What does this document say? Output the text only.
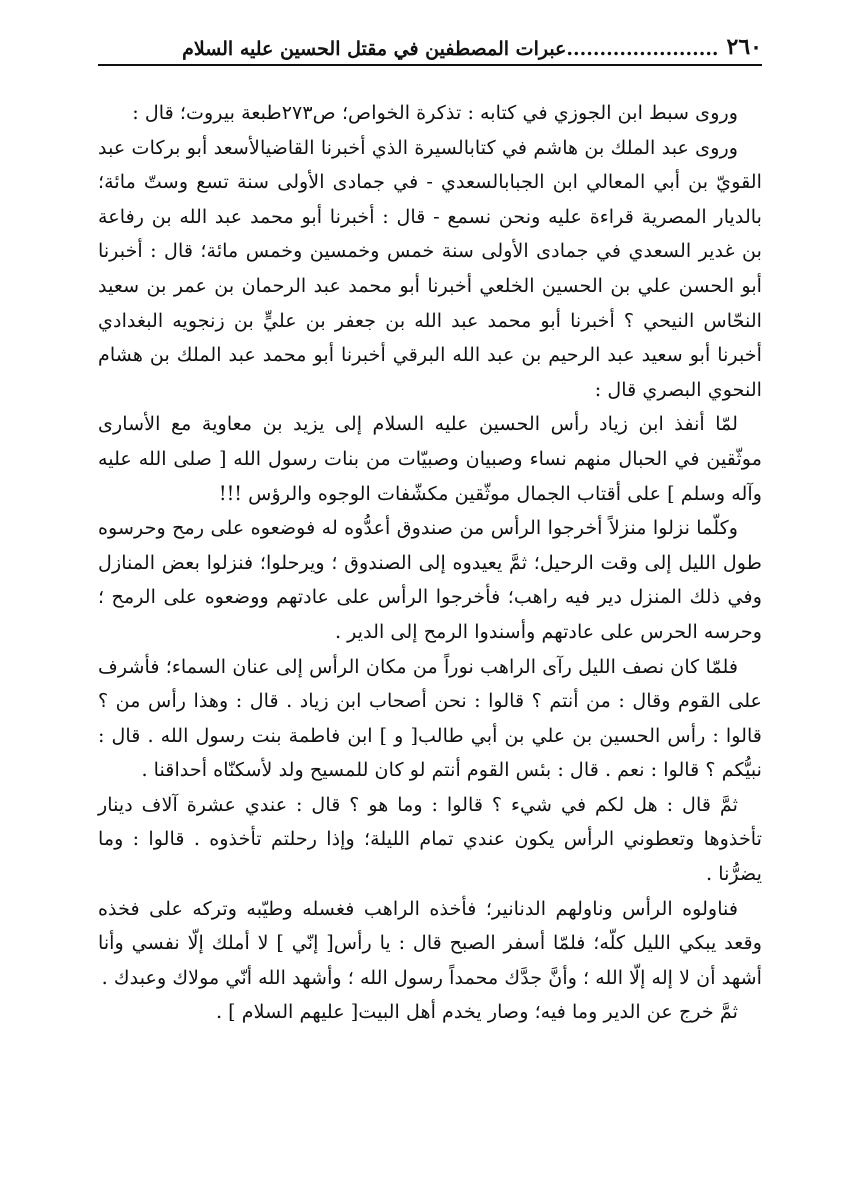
٢٦٠
.......................
عبرات المصطفين في مقتل الحسين عليه السلام

وروى سبط ابن الجوزي في كتابه : تذكرة الخواص؛ ص٢٧٣طبعة بيروت؛ قال :

وروى عبد الملك بن هاشم في كتابالسيرة الذي أخبرنا القاضيالأسعد أبو بركات عبد القويّ بن أبي المعالي ابن الجبابالسعدي - في جمادى الأولى سنة تسع وستّ مائة؛ بالديار المصرية قراءة عليه ونحن نسمع - قال : أخبرنا أبو محمد عبد الله بن رفاعة بن غدير السعدي في جمادى الأولى سنة خمس وخمسين وخمس مائة؛ قال : أخبرنا أبو الحسن علي بن الحسين الخلعي أخبرنا أبو محمد عبد الرحمان بن عمر بن سعيد النحّاس النيحي ؟ أخبرنا أبو محمد عبد الله بن جعفر بن عليٍّ بن زنجويه البغدادي أخبرنا أبو سعيد عبد الرحيم بن عبد الله البرقي أخبرنا أبو محمد عبد الملك بن هشام النحوي البصري قال :

لمّا أنفذ ابن زياد رأس الحسين عليه السلام إلى يزيد بن معاوية مع الأسارى موثّقين في الحبال منهم نساء وصبيان وصبيّات من بنات رسول الله [ صلى الله عليه وآله وسلم ] على أقتاب الجمال موثّقين مكشّفات الوجوه والرؤس !!!

وكلّما نزلوا منزلاً أخرجوا الرأس من صندوق أعدُّوه له فوضعوه على رمح وحرسوه طول الليل إلى وقت الرحيل؛ ثمَّ يعيدوه إلى الصندوق ؛ ويرحلوا؛ فنزلوا بعض المنازل وفي ذلك المنزل دير فيه راهب؛ فأخرجوا الرأس على عادتهم ووضعوه على الرمح ؛ وحرسه الحرس على عادتهم وأسندوا الرمح إلى الدير .

فلمّا كان نصف الليل رآى الراهب نوراً من مكان الرأس إلى عنان السماء؛ فأشرف على القوم وقال : من أنتم ؟ قالوا : نحن أصحاب ابن زياد . قال : وهذا رأس من ؟ قالوا : رأس الحسين بن علي بن أبي طالب[ و ] ابن فاطمة بنت رسول الله . قال : نبيُّكم ؟ قالوا : نعم . قال : بئس القوم أنتم لو كان للمسيح ولد لأسكنّاه أحداقنا .

ثمَّ قال : هل لكم في شيء ؟ قالوا : وما هو ؟ قال : عندي عشرة آلاف دينار تأخذوها وتعطوني الرأس يكون عندي تمام الليلة؛ وإذا رحلتم تأخذوه . قالوا : وما يضرُّنا .

فناولوه الرأس وناولهم الدنانير؛ فأخذه الراهب فغسله وطيّبه وتركه على فخذه وقعد يبكي الليل كلّه؛ فلمّا أسفر الصبح قال : يا رأس[ إنّي ] لا أملك إلّا نفسي وأنا أشهد أن لا إله إلّا الله ؛ وأنَّ جدَّك محمداً رسول الله ؛ وأشهد الله أنّي مولاك وعبدك .

ثمَّ خرج عن الدير وما فيه؛ وصار يخدم أهل البيت[ عليهم السلام ] .
